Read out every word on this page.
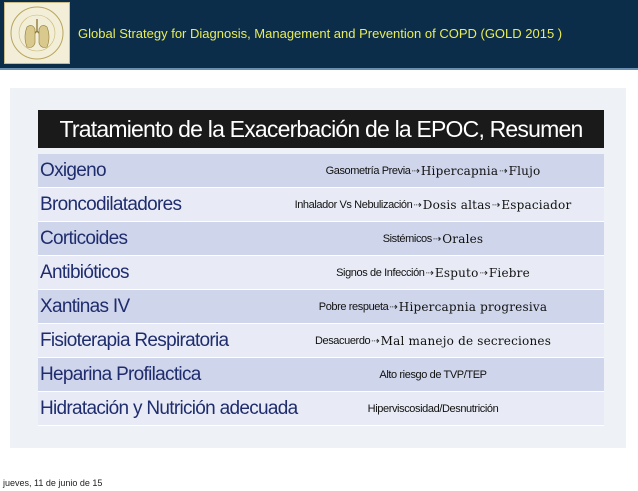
Global Strategy for Diagnosis, Management and Prevention of COPD (GOLD 2015 )
Tratamiento de la Exacerbación de la EPOC, Resumen
Oxigeno	Gasometría Previa ⇢ Hipercapnia ⇢ Flujo
Broncodilatadores	Inhalador Vs Nebulización ⇢ Dosis altas ⇢ Espaciador
Corticoides	Sistémicos ⇢ Orales
Antibióticos	Signos de Infección ⇢ Esputo ⇢ Fiebre
Xantinas IV	Pobre respueta ⇢ Hipercapnia progresiva
Fisioterapia Respiratoria	Desacuerdo ⇢ Mal manejo de secreciones
Heparina Profilactica	Alto riesgo de TVP/TEP
Hidratación y Nutrición adecuada	Hiperviscosidad/Desnutrición
jueves, 11 de junio de 15
